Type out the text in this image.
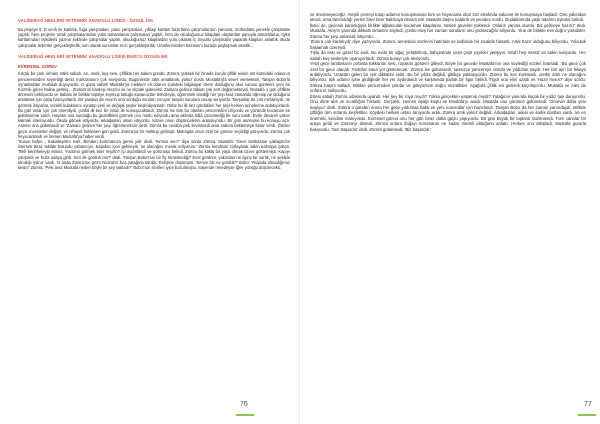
VALİDEBAĞ HEKLERİ VETENNİK ANADOLU LİSESİ - ÖZGÜL İSK

Bu projeye 9. E sınıfı ile katıldık, fuga yarışmaları, pano yarışmaları, yılbaşı kartları hazırlama çalışmalarının yanısıra, müfredatta yenekle çalışmalar yaptık, hem projenin ortak çalışmalarından yükü tamamlama çalışmaları yaptık, hem de okuduğumuz kitaptaki olaylardan panoyla tamamlama, öykü kartlarından öykülemi yazma şeklinde çalışmalar yaptık, okuduğumuz kitaplardan yola çıkarak iç boyutlu çalışmalar yaparak kitapları anlattık. Buda çalışmalar anketler gerçekleştirdik, son olarak sunumlar mızı gerçekleştirdik. Ürünlerimizden bazılarını burada paylaşmak istedik...

VALİDEBAĞ HEKLERİ VETENNİK ANADOLU LİSESİ BURCU ÖZGÜN 9/E

EVRENSEL GÖREV

Küçük bir çam ormanı Vakti sabah. Arı, imek, kuş sesi, çiftlikte her bakım gündü. Zümra, yüksek bir binada kurulu çiftlik evinin üst katındaki odasının penceresinden seyrettiği deniz manzarasını çok seviyordu. Bugünlerde artık amatlanık, yalnız dostu Mustafa'yla sever vermekten, Tavşan Bobo'la oynamaktan mutluluk duyuyordu. O günü sabah Mustafa'ya meblem eli odanın içündeki bilgisayar izlem dolduğunu okul sorusu günlerini yeni bir Kozmik görev haline gelmiş... Zümra'nın kardeşi Ateş'ini ve ne ölçüde gidecekti. Zamanı gelince tabiatı çok sert değişmekteydi. Mustafa o gün çiftlikte annesini bekliyordu ve babası ile birlikte tepsiye koymuş tuttuğu kavanozları temizleyip, öğrenmek istediği her şeyi kısa zamanda öğrenip ne olduğunu anlatmak için çaba harcıyorlardı. Bir yandan da Ateş'in ona sorduğu soruları soruyor tavşan sorulara cevap veriyordu. Tavşanlar da çok meraklıydı, ne görmek istiyorlar, sürekli kulaklarını oynatıp yeni ve değişik şeyler keşfediyorlardı. Onlar bu ilk kez gördükleri her şeyi hemen annelerine anlatıyorlardı. Bu gün onlar için çok önemliydi, çünkü ilk kez bir insan ile konuşacaklardı. Zümra ise tüm bu olanları pencereden izliyordu ve yüzünde kocaman bir gülümseme vardı. Hayatın ona sunduğu bu güzellikleri görmek onu mutlu ediyordu ama aklında hâlâ çözemediği bir soru vardı. Evde devamlı yalnız kalmak istemiyordu. Okula gitmek istiyordu, arkadaşları olsun istiyordu. Kimse onun düşüncelerini anlamıyordu. Bir gün annesine bu konuyu açtı. Annesi ona gülümsedi ve 'Zamanı gelince her şeyi öğreneceksin' dedi. Zümra bu cevaba pek sevinmedi ama sabırla beklemeye karar verdi. Günler geçti, mevsimler değişti, ve nihayet beklenen gün geldi. Zümra'ya bir mektup gelmişti. Mektupta onun özel bir göreve seçildiği yazıyordu. Zümra çok heyecanlandı ve hemen Mustafa'ya haber verdi.

'Susun lütfen... Sakinleşelim evet. Benden korkmanıza gerek yok' dedi. 'Kimsin sen?' diye sordu Zümra. Mustafa: 'Gece lambasıne yaklaştırılın istersen biraz tekilde bulundu yabancıya. Kapıdan içeri gelmeyin, ne olacağını merak ediyorum.' Zümra kendisini zorlayarak sakin kalmaya çalıştı. Tekli berinheleyip etmez. Yüzümü görmek ister miydin? İçi aydınlandı ve görünüşü belirdi. Zümra bu köklü bir yaşa olmak üzere göstermişti. Kapıyı yatıştırdı ve hızla odaya girdi. Sen de gördün mü?' dedi. 'Tavşan Bobo'nun bir fiş tömelendiği? Evet gördüm, yakından ne ilginç bir varlık, ne şekilde tanıdığı yalnız vardı. O anda Zümra'nın gözü Nusrat'ın boş yatağına takıldı. Dehşete düşmüştü. 'Sence biz ne gördük?' Bobo: 'Ruyada olmadığımız kesin!' Zümra: 'Peki ama Mustafa neden böyle bir şey sakladı?' Bobo'nun sinirleri iyice bozulmuştu. Sayende neredeyse iğne yüzüğü düşürecekti.

ve önemseyeceğiz. Ateşik çevreyi tutup adamın konuşmasına tüm ve heyecanla öbür söz etrafında sükunet ile konuşmaya başladı: Onu yakından tanıdı, ama tanımadığı yerleri birer birer bakmaya devam etti. Mustafa başını kaldırdı ve yeniden sordu. Dudaklarında yaşlı adamın öyküsü belirdi.

İksici de, gecenin karanlığıyla birlikte ağlatıcıdan kocaman kitaplarını, süsleri güvenle yüklendi. Onların yanına oturdu. Biz gelmeye hazırız' dedi. Mustafa, Ateş'in yanında dikkatli olmasını söyledi, çünkü Ateş her zaman soruların onu yıldıracağını biliyordu. Yine de birlikte eve doğru yürüdüler. Zümra her şeyi anlamak istiyordu.

'Zümra çok kararlıydı' diye yazıyordu. Zümra, annesinin sözlerini hatırladı ve kalbinde bir sıcaklık hissetti. Artık hazır olduğunu biliyordu. Yolculuk başlamak üzereydi.

Tışla da eski ve güzel bir evdi. Bu evde bir ağaç yetiştirilmiş, bahçesinde çeşit çeşit çiçekler yetişiyor, etrafı hep sessiz ve sakin kalıyordu. Her sabah kuş sesleriyle uyanıyorlardı. Zümra burayı çok seviyordu.

Yeşil gece lambasının pırlanta tükkünün sesi, rüyasını gösterir gibiydi. Böyle bir gecede Mustafa'nın ona söylediği sözleri hatırladı: 'Bu gece çok özel bir gece olacak. Yıldızlar sana yol gösterecek.' Zümra ise gülümsedi, sessizce pencereye döndü ve yıldızları saydı. Her biri ayrı bir hikaye anlatıyordu. Uzaktan gelen bir ışık dikkatini çekti. Bu bir yıldız değildi, gittikçe yaklaşıyordu. Zümra bu kez korkmadı, çünkü artık ne olacağını biliyordu. Işık odanın içine girdiğinde her yer aydınlandı ve karşısında parlak bir figür belirdi. Figür ona elini uzattı ve 'Hazır mısın?' diye sordu. Zümra başını salladı. Birlikte pencereden çıktılar ve gökyüzüne doğru süzüldüler. Aşağıda çiftlik evi giderek küçülüyordu. Mustafa ve Ateş de onlara el sallıyordu.

Ertesi sabah Zümra odasında uyandı. Her şey bir rüya mıydı? Yoksa gerçekten yaşamış mıydı? Yatağının yanında küçük bir yıldız taşı duruyordu. Onu eline aldı ve sıcaklığını hissetti. Gerçekti. Hemen aşağı koştu ve Mustafa'yı aradı. Mustafa onu görünce gülümsedi: 'Görevin daha yeni başlıyor' dedi. Zümra o günden sonra her gece yıldızlara baktı ve yeni maceralar için hazırlandı. Tavşan Bobo da her zaman yanındaydı. Birlikte çiftliğin tüm sırlarını keşfettiler. Köydeki herkes onları tanıyordu artık. Zümra artık yalnız değildi. Arkadaşları, ailesi ve sadık dostları vardı. Ve en önemlisi, kendine inanıyordu. Evrensel görevi onu her gün biraz daha güçlü yapıyordu. Bir gün büyük bir toplantı düzenlendi. Tüm canlılar bir araya geldi ve Zümra'yı dinledi. Zümra onlara doğayı korumanın ne kadar önemli olduğunu anlattı. Herkes onu alkışladı. Mustafa gururla bakıyordu. 'Sen başardın' dedi. Zümra gülümsedi: 'Biz başardık.'

76	77
